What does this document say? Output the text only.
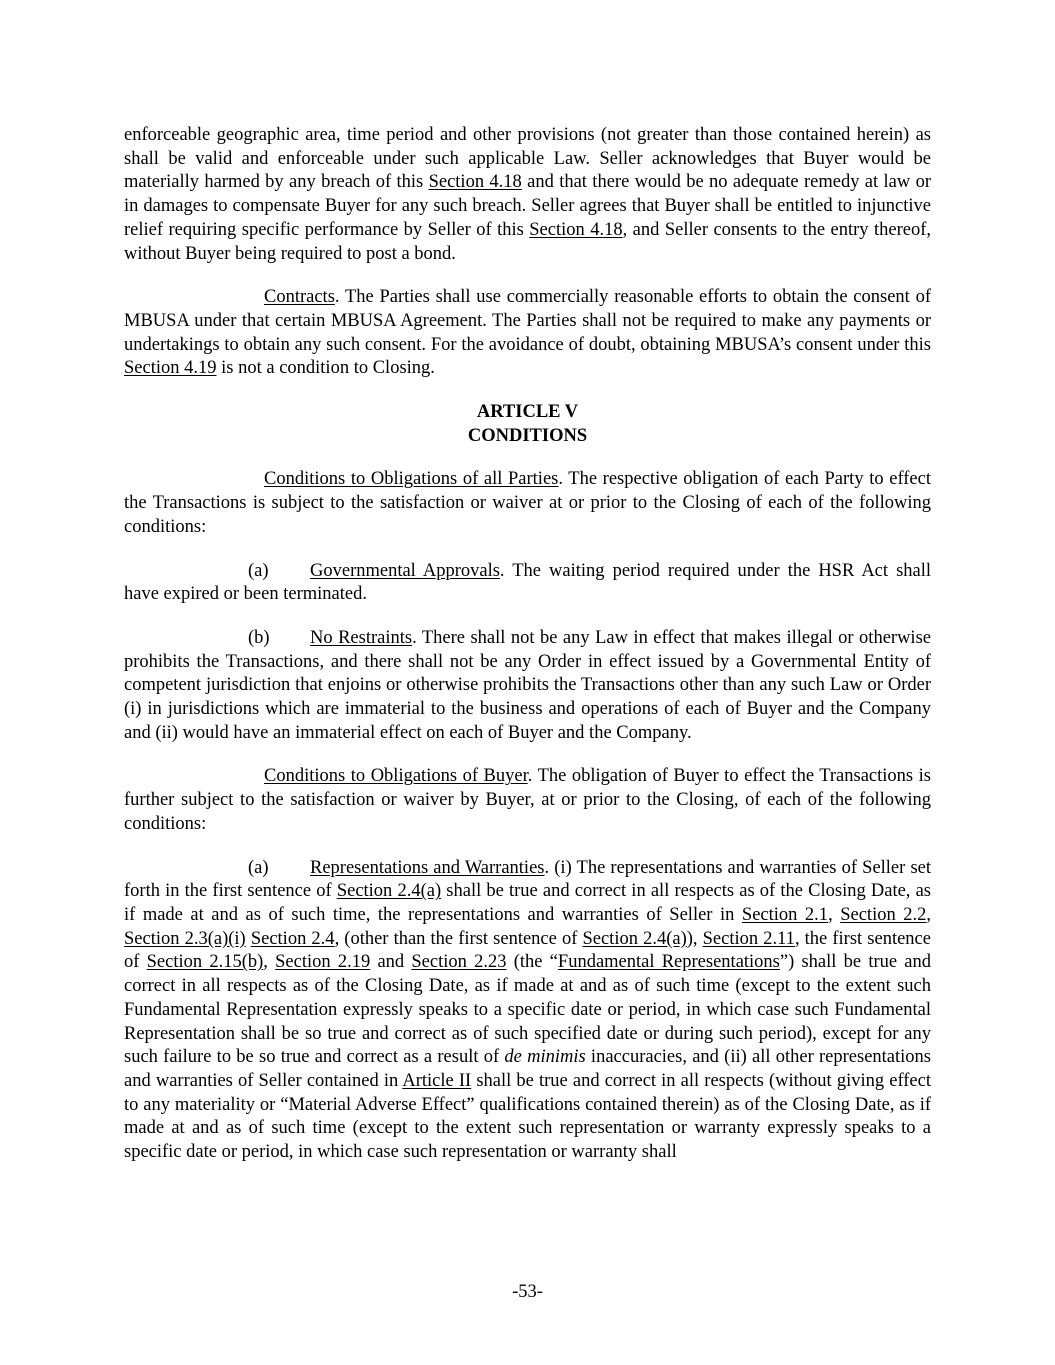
enforceable geographic area, time period and other provisions (not greater than those contained herein) as shall be valid and enforceable under such applicable Law. Seller acknowledges that Buyer would be materially harmed by any breach of this Section 4.18 and that there would be no adequate remedy at law or in damages to compensate Buyer for any such breach. Seller agrees that Buyer shall be entitled to injunctive relief requiring specific performance by Seller of this Section 4.18, and Seller consents to the entry thereof, without Buyer being required to post a bond.

Contracts. The Parties shall use commercially reasonable efforts to obtain the consent of MBUSA under that certain MBUSA Agreement. The Parties shall not be required to make any payments or undertakings to obtain any such consent. For the avoidance of doubt, obtaining MBUSA’s consent under this Section 4.19 is not a condition to Closing.

ARTICLE V
CONDITIONS

Conditions to Obligations of all Parties. The respective obligation of each Party to effect the Transactions is subject to the satisfaction or waiver at or prior to the Closing of each of the following conditions:

(a) Governmental Approvals. The waiting period required under the HSR Act shall have expired or been terminated.

(b) No Restraints. There shall not be any Law in effect that makes illegal or otherwise prohibits the Transactions, and there shall not be any Order in effect issued by a Governmental Entity of competent jurisdiction that enjoins or otherwise prohibits the Transactions other than any such Law or Order (i) in jurisdictions which are immaterial to the business and operations of each of Buyer and the Company and (ii) would have an immaterial effect on each of Buyer and the Company.

Conditions to Obligations of Buyer. The obligation of Buyer to effect the Transactions is further subject to the satisfaction or waiver by Buyer, at or prior to the Closing, of each of the following conditions:

(a) Representations and Warranties. (i) The representations and warranties of Seller set forth in the first sentence of Section 2.4(a) shall be true and correct in all respects as of the Closing Date, as if made at and as of such time, the representations and warranties of Seller in Section 2.1, Section 2.2, Section 2.3(a)(i) Section 2.4, (other than the first sentence of Section 2.4(a)), Section 2.11, the first sentence of Section 2.15(b), Section 2.19 and Section 2.23 (the “Fundamental Representations”) shall be true and correct in all respects as of the Closing Date, as if made at and as of such time (except to the extent such Fundamental Representation expressly speaks to a specific date or period, in which case such Fundamental Representation shall be so true and correct as of such specified date or during such period), except for any such failure to be so true and correct as a result of de minimis inaccuracies, and (ii) all other representations and warranties of Seller contained in Article II shall be true and correct in all respects (without giving effect to any materiality or “Material Adverse Effect” qualifications contained therein) as of the Closing Date, as if made at and as of such time (except to the extent such representation or warranty expressly speaks to a specific date or period, in which case such representation or warranty shall

-53-
